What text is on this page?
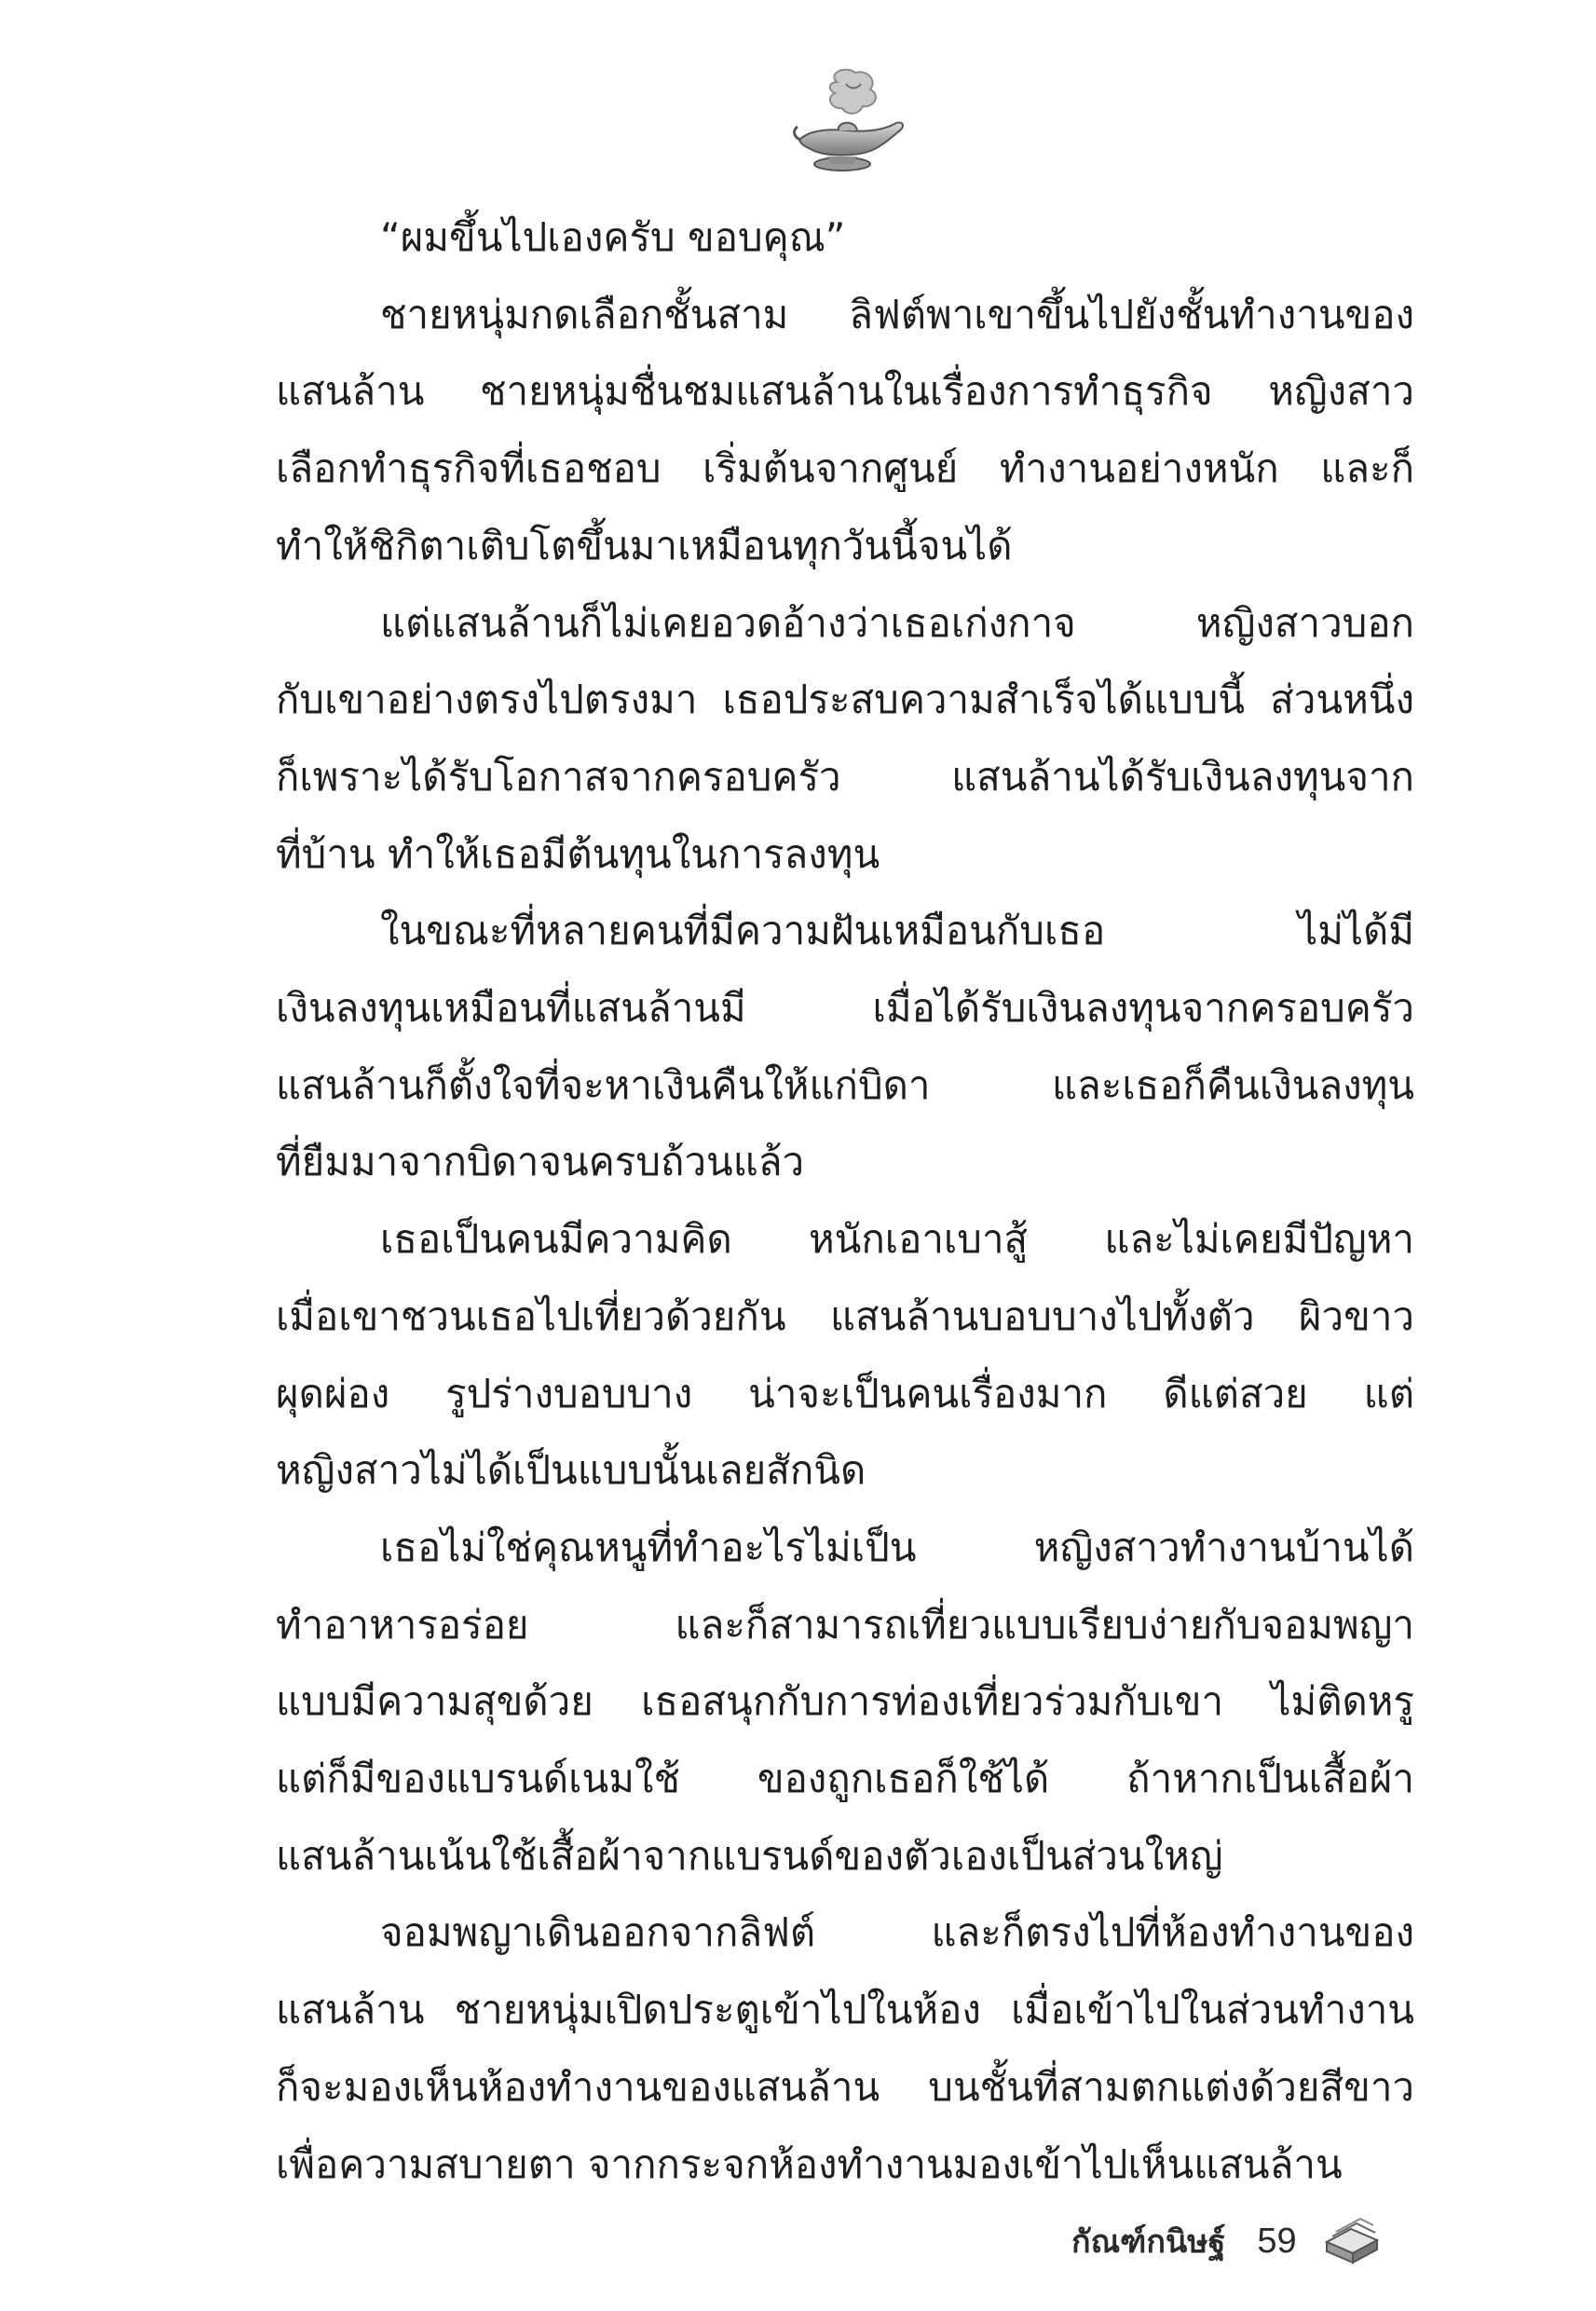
“ผมขึ้นไปเองครับ ขอบคุณ”
ชายหนุ่มกดเลือกชั้นสาม ลิฟต์พาเขาขึ้นไปยังชั้นทำงานของ
แสนล้าน ชายหนุ่มชื่นชมแสนล้านในเรื่องการทำธุรกิจ หญิงสาว
เลือกทำธุรกิจที่เธอชอบ เริ่มต้นจากศูนย์ ทำงานอย่างหนัก และก็
ทำให้ชิกิตาเติบโตขึ้นมาเหมือนทุกวันนี้จนได้
แต่แสนล้านก็ไม่เคยอวดอ้างว่าเธอเก่งกาจ หญิงสาวบอก
กับเขาอย่างตรงไปตรงมา เธอประสบความสำเร็จได้แบบนี้ ส่วนหนึ่ง
ก็เพราะได้รับโอกาสจากครอบครัว แสนล้านได้รับเงินลงทุนจาก
ที่บ้าน ทำให้เธอมีต้นทุนในการลงทุน
ในขณะที่หลายคนที่มีความฝันเหมือนกับเธอ ไม่ได้มี
เงินลงทุนเหมือนที่แสนล้านมี เมื่อได้รับเงินลงทุนจากครอบครัว
แสนล้านก็ตั้งใจที่จะหาเงินคืนให้แก่บิดา และเธอก็คืนเงินลงทุน
ที่ยืมมาจากบิดาจนครบถ้วนแล้ว
เธอเป็นคนมีความคิด หนักเอาเบาสู้ และไม่เคยมีปัญหา
เมื่อเขาชวนเธอไปเที่ยวด้วยกัน แสนล้านบอบบางไปทั้งตัว ผิวขาว
ผุดผ่อง รูปร่างบอบบาง น่าจะเป็นคนเรื่องมาก ดีแต่สวย แต่
หญิงสาวไม่ได้เป็นแบบนั้นเลยสักนิด
เธอไม่ใช่คุณหนูที่ทำอะไรไม่เป็น หญิงสาวทำงานบ้านได้
ทำอาหารอร่อย และก็สามารถเที่ยวแบบเรียบง่ายกับจอมพญา
แบบมีความสุขด้วย เธอสนุกกับการท่องเที่ยวร่วมกับเขา ไม่ติดหรู
แต่ก็มีของแบรนด์เนมใช้ ของถูกเธอก็ใช้ได้ ถ้าหากเป็นเสื้อผ้า
แสนล้านเน้นใช้เสื้อผ้าจากแบรนด์ของตัวเองเป็นส่วนใหญ่
จอมพญาเดินออกจากลิฟต์ และก็ตรงไปที่ห้องทำงานของ
แสนล้าน ชายหนุ่มเปิดประตูเข้าไปในห้อง เมื่อเข้าไปในส่วนทำงาน
ก็จะมองเห็นห้องทำงานของแสนล้าน บนชั้นที่สามตกแต่งด้วยสีขาว
เพื่อความสบายตา จากกระจกห้องทำงานมองเข้าไปเห็นแสนล้าน
กัณฑ์กนิษฐ์ 59
